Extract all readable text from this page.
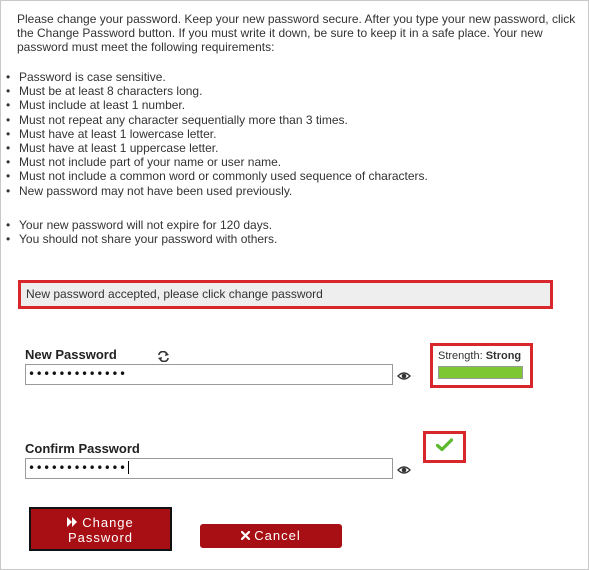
Please change your password. Keep your new password secure. After you type your new password, click the Change Password button. If you must write it down, be sure to keep it in a safe place. Your new password must meet the following requirements:

• Password is case sensitive.
• Must be at least 8 characters long.
• Must include at least 1 number.
• Must not repeat any character sequentially more than 3 times.
• Must have at least 1 lowercase letter.
• Must have at least 1 uppercase letter.
• Must not include part of your name or user name.
• Must not include a common word or commonly used sequence of characters.
• New password may not have been used previously.
• Your new password will not expire for 120 days.
• You should not share your password with others.
New password accepted, please click change password
New Password
•••••••••••••
Strength: Strong
Confirm Password
•••••••••••••
Change
Password	Cancel
